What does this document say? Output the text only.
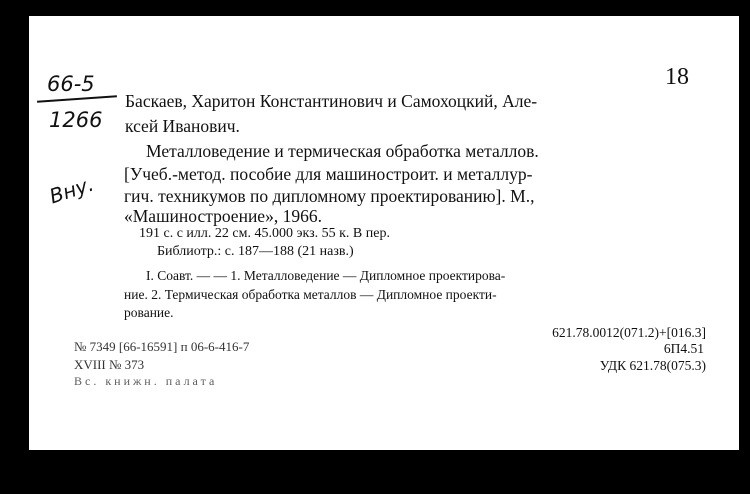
18
66-5
1266
Вну.
Баскаев, Харитон Константинович и Самохоцкий, Але-
ксей Иванович.
Металловедение и термическая обработка металлов.
[Учеб.-метод. пособие для машиностроит. и металлур-
гич. техникумов по дипломному проектированию]. М.,
«Машиностроение», 1966.
191 с. с илл. 22 см. 45.000 экз. 55 к. В пер.
Библиотр.: с. 187—188 (21 назв.)
I. Соавт. — — 1. Металловедение — Дипломное проектирова-
ние. 2. Термическая обработка металлов — Дипломное проекти-
рование.
621.78.0012(071.2)+[016.3]
6П4.51
УДК 621.78(075.3)
№ 7349 [66-16591] п 06-6-416-7
XVIII № 373
Вс. книжн. палата
